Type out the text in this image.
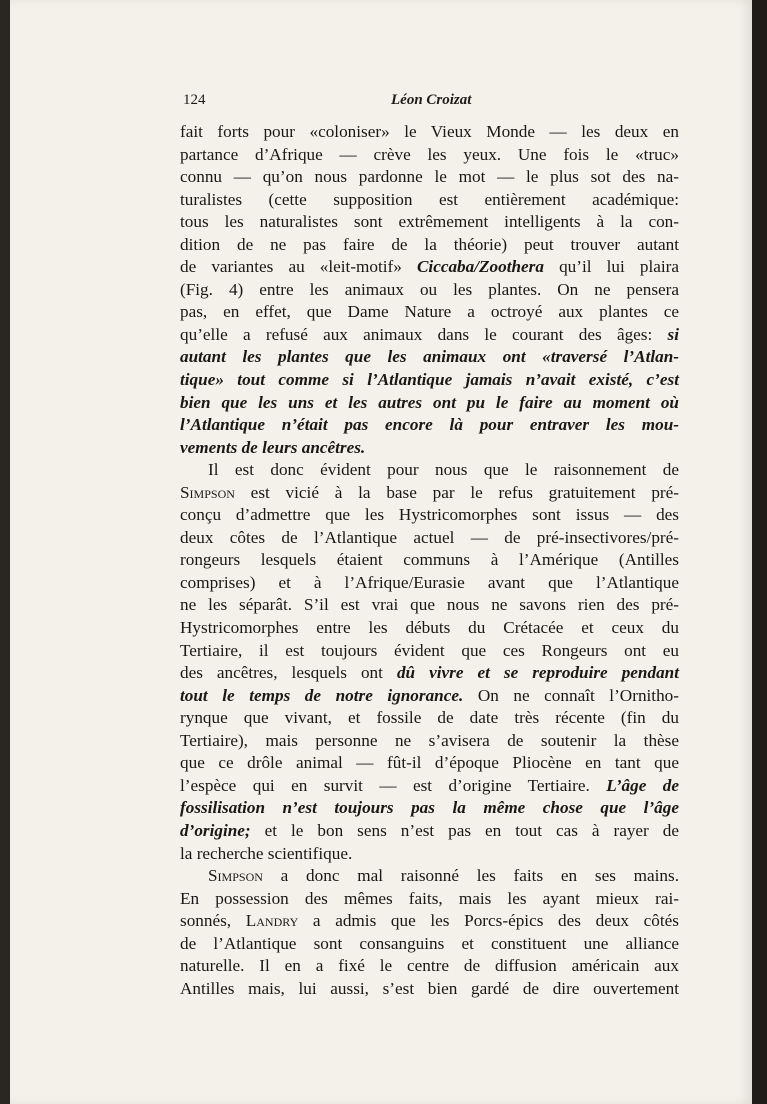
124	Léon Croizat
fait forts pour «coloniser» le Vieux Monde — les deux en
partance d’Afrique — crève les yeux. Une fois le «truc»
connu — qu’on nous pardonne le mot — le plus sot des na-
turalistes (cette supposition est entièrement académique:
tous les naturalistes sont extrêmement intelligents à la con-
dition de ne pas faire de la théorie) peut trouver autant
de variantes au «leit-motif» Ciccaba/Zoothera qu’il lui plaira
(Fig. 4) entre les animaux ou les plantes. On ne pensera
pas, en effet, que Dame Nature a octroyé aux plantes ce
qu’elle a refusé aux animaux dans le courant des âges: si
autant les plantes que les animaux ont «traversé l’Atlan-
tique» tout comme si l’Atlantique jamais n’avait existé, c’est
bien que les uns et les autres ont pu le faire au moment où
l’Atlantique n’était pas encore là pour entraver les mou-
vements de leurs ancêtres.
Il est donc évident pour nous que le raisonnement de
Simpson est vicié à la base par le refus gratuitement pré-
conçu d’admettre que les Hystricomorphes sont issus — des
deux côtes de l’Atlantique actuel — de pré-insectivores/pré-
rongeurs lesquels étaient communs à l’Amérique (Antilles
comprises) et à l’Afrique/Eurasie avant que l’Atlantique
ne les séparât. S’il est vrai que nous ne savons rien des pré-
Hystricomorphes entre les débuts du Crétacée et ceux du
Tertiaire, il est toujours évident que ces Rongeurs ont eu
des ancêtres, lesquels ont dû vivre et se reproduire pendant
tout le temps de notre ignorance. On ne connaît l’Ornitho-
rynque que vivant, et fossile de date très récente (fin du
Tertiaire), mais personne ne s’avisera de soutenir la thèse
que ce drôle animal — fût-il d’époque Pliocène en tant que
l’espèce qui en survit — est d’origine Tertiaire. L’âge de
fossilisation n’est toujours pas la même chose que l’âge
d’origine; et le bon sens n’est pas en tout cas à rayer de
la recherche scientifique.
Simpson a donc mal raisonné les faits en ses mains.
En possession des mêmes faits, mais les ayant mieux rai-
sonnés, Landry a admis que les Porcs-épics des deux côtés
de l’Atlantique sont consanguins et constituent une alliance
naturelle. Il en a fixé le centre de diffusion américain aux
Antilles mais, lui aussi, s’est bien gardé de dire ouvertement
